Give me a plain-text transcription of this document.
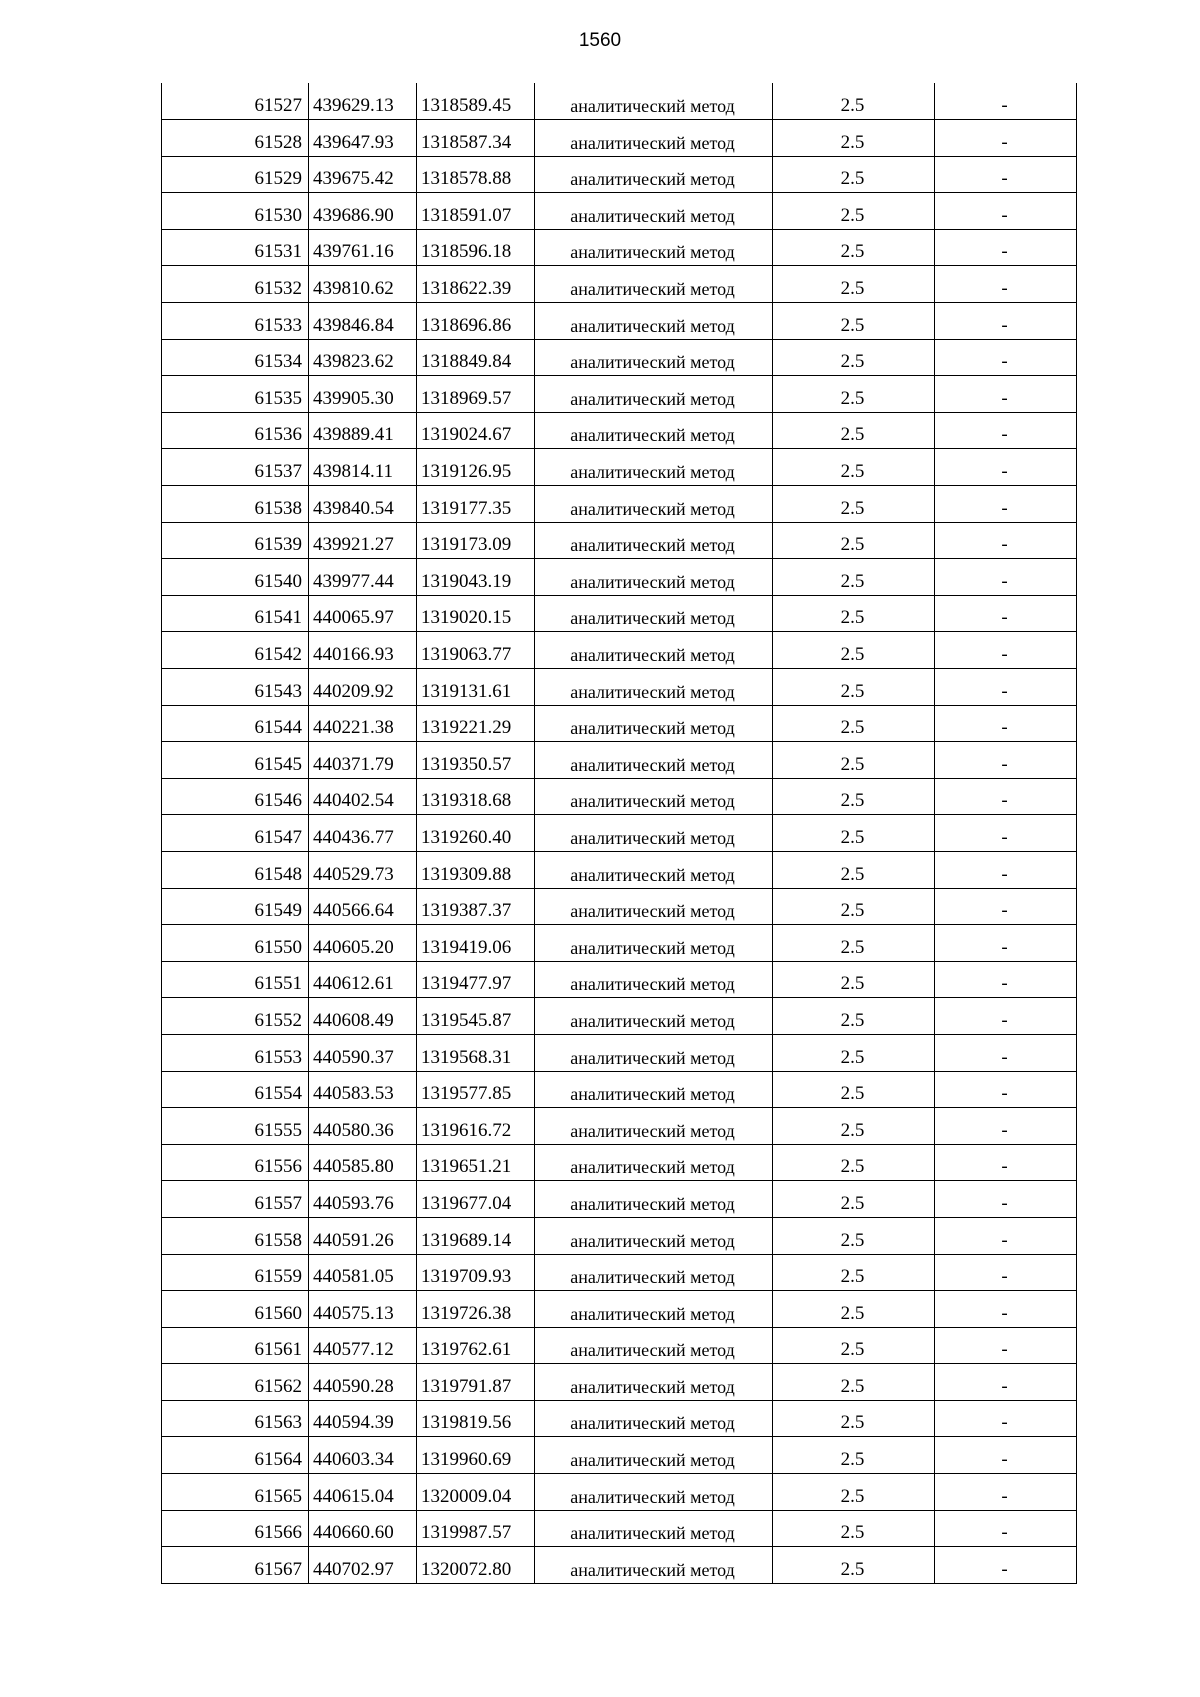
1560
61527	439629.13	1318589.45	аналитический метод	2.5	-
61528	439647.93	1318587.34	аналитический метод	2.5	-
61529	439675.42	1318578.88	аналитический метод	2.5	-
61530	439686.90	1318591.07	аналитический метод	2.5	-
61531	439761.16	1318596.18	аналитический метод	2.5	-
61532	439810.62	1318622.39	аналитический метод	2.5	-
61533	439846.84	1318696.86	аналитический метод	2.5	-
61534	439823.62	1318849.84	аналитический метод	2.5	-
61535	439905.30	1318969.57	аналитический метод	2.5	-
61536	439889.41	1319024.67	аналитический метод	2.5	-
61537	439814.11	1319126.95	аналитический метод	2.5	-
61538	439840.54	1319177.35	аналитический метод	2.5	-
61539	439921.27	1319173.09	аналитический метод	2.5	-
61540	439977.44	1319043.19	аналитический метод	2.5	-
61541	440065.97	1319020.15	аналитический метод	2.5	-
61542	440166.93	1319063.77	аналитический метод	2.5	-
61543	440209.92	1319131.61	аналитический метод	2.5	-
61544	440221.38	1319221.29	аналитический метод	2.5	-
61545	440371.79	1319350.57	аналитический метод	2.5	-
61546	440402.54	1319318.68	аналитический метод	2.5	-
61547	440436.77	1319260.40	аналитический метод	2.5	-
61548	440529.73	1319309.88	аналитический метод	2.5	-
61549	440566.64	1319387.37	аналитический метод	2.5	-
61550	440605.20	1319419.06	аналитический метод	2.5	-
61551	440612.61	1319477.97	аналитический метод	2.5	-
61552	440608.49	1319545.87	аналитический метод	2.5	-
61553	440590.37	1319568.31	аналитический метод	2.5	-
61554	440583.53	1319577.85	аналитический метод	2.5	-
61555	440580.36	1319616.72	аналитический метод	2.5	-
61556	440585.80	1319651.21	аналитический метод	2.5	-
61557	440593.76	1319677.04	аналитический метод	2.5	-
61558	440591.26	1319689.14	аналитический метод	2.5	-
61559	440581.05	1319709.93	аналитический метод	2.5	-
61560	440575.13	1319726.38	аналитический метод	2.5	-
61561	440577.12	1319762.61	аналитический метод	2.5	-
61562	440590.28	1319791.87	аналитический метод	2.5	-
61563	440594.39	1319819.56	аналитический метод	2.5	-
61564	440603.34	1319960.69	аналитический метод	2.5	-
61565	440615.04	1320009.04	аналитический метод	2.5	-
61566	440660.60	1319987.57	аналитический метод	2.5	-
61567	440702.97	1320072.80	аналитический метод	2.5	-
